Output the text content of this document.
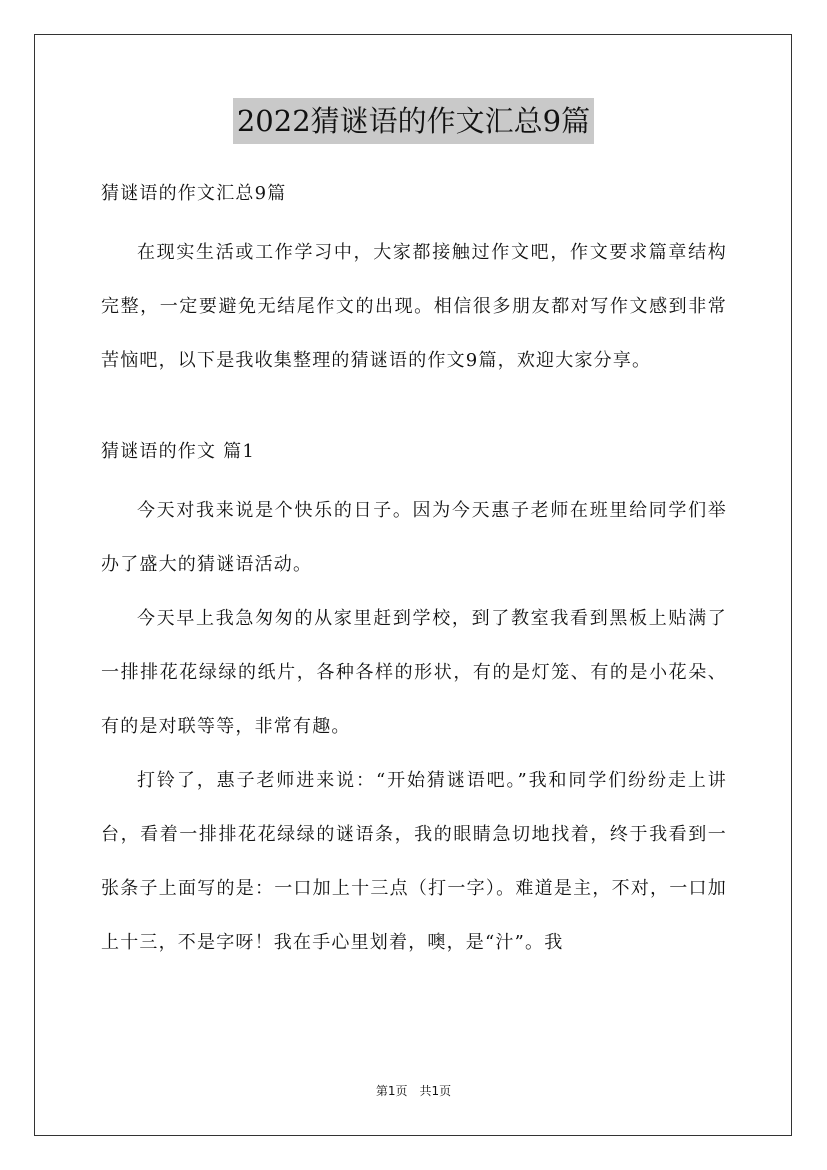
2022猜谜语的作文汇总9篇

猜谜语的作文汇总9篇

在现实生活或工作学习中，大家都接触过作文吧，作文要求篇章结构完整，一定要避免无结尾作文的出现。相信很多朋友都对写作文感到非常苦恼吧，以下是我收集整理的猜谜语的作文9篇，欢迎大家分享。

猜谜语的作文 篇1

今天对我来说是个快乐的日子。因为今天惠子老师在班里给同学们举办了盛大的猜谜语活动。

今天早上我急匆匆的从家里赶到学校，到了教室我看到黑板上贴满了一排排花花绿绿的纸片，各种各样的形状，有的是灯笼、有的是小花朵、有的是对联等等，非常有趣。

打铃了，惠子老师进来说：“开始猜谜语吧。”我和同学们纷纷走上讲台，看着一排排花花绿绿的谜语条，我的眼睛急切地找着，终于我看到一张条子上面写的是：一口加上十三点（打一字）。难道是主，不对，一口加上十三，不是字呀！我在手心里划着，噢，是“汁”。我

第1页 共1页
